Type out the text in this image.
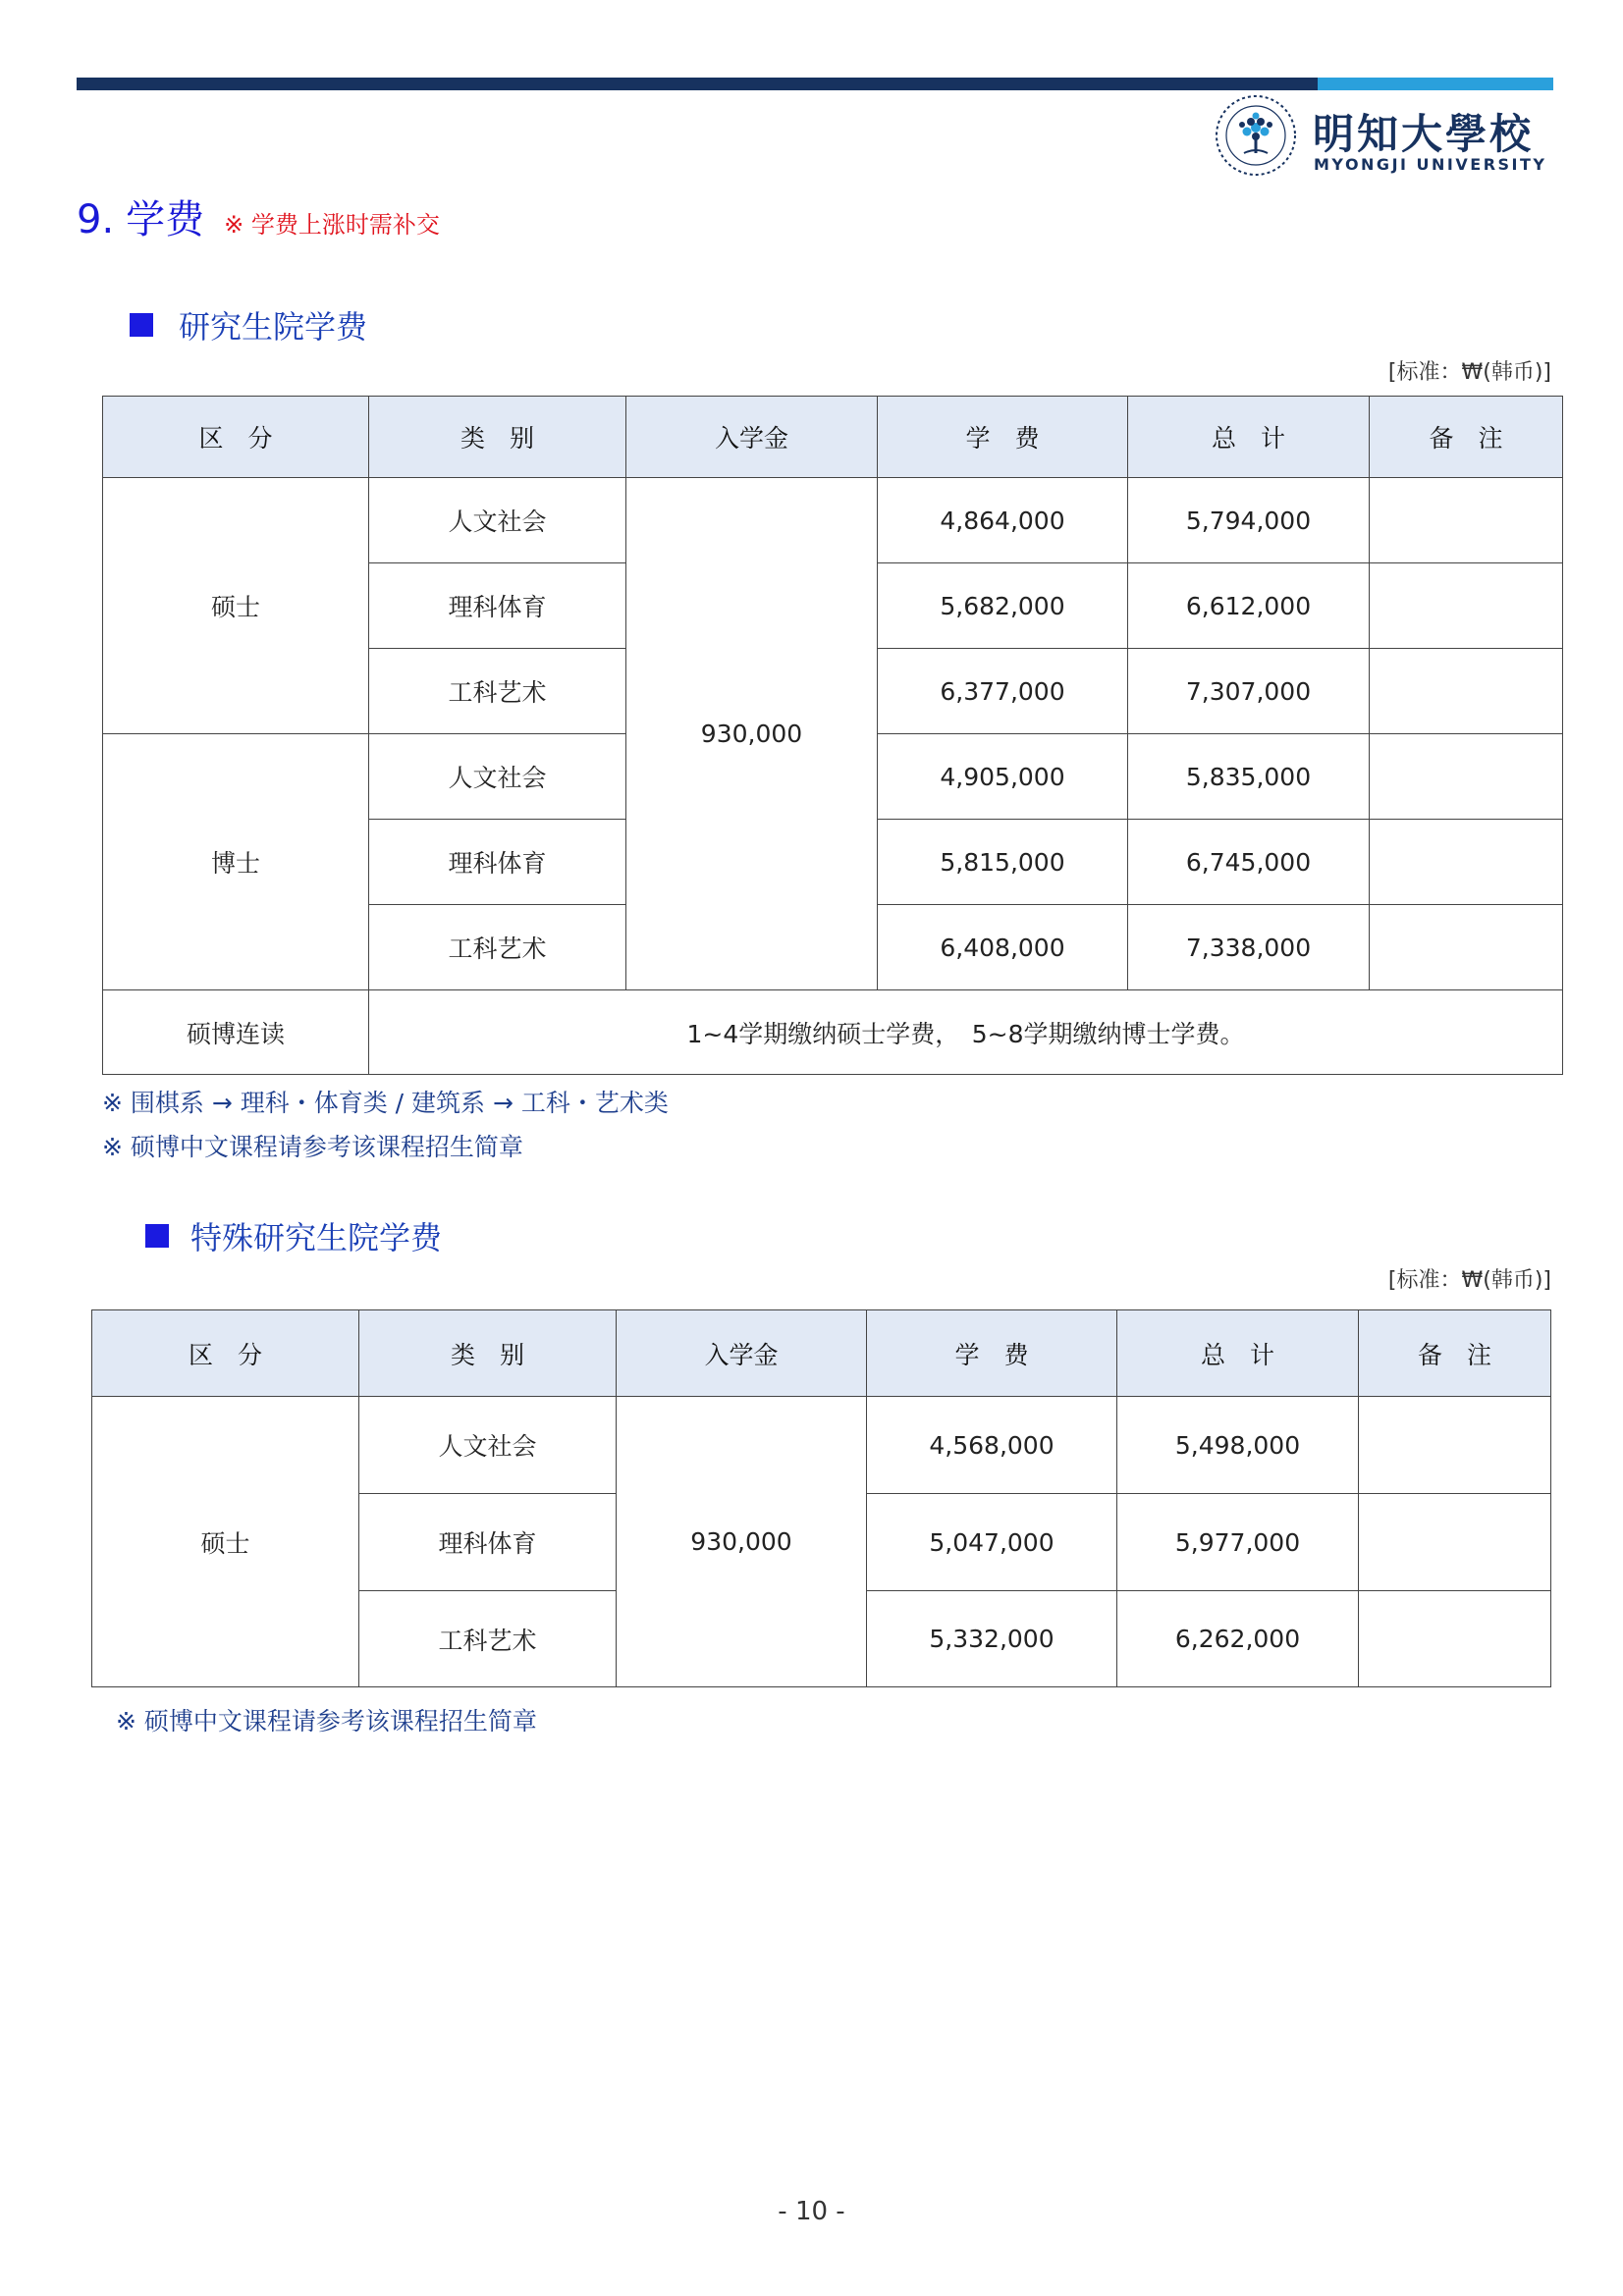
明知大學校
MYONGJI UNIVERSITY
9. 学费 ※ 学费上涨时需补交
研究生院学费
[标准：₩(韩币)]
区　分	类　别	入学金	学　费	总　计	备　注
硕士	人文社会	930,000	4,864,000	5,794,000	
	理科体育		5,682,000	6,612,000	
	工科艺术		6,377,000	7,307,000	
博士	人文社会		4,905,000	5,835,000	
	理科体育		5,815,000	6,745,000	
	工科艺术		6,408,000	7,338,000	
硕博连读	1~4学期缴纳硕士学费，　5~8学期缴纳博士学费。				
※ 围棋系 → 理科・体育类 / 建筑系 → 工科・艺术类
※ 硕博中文课程请参考该课程招生简章
特殊研究生院学费
[标准：₩(韩币)]
区　分	类　别	入学金	学　费	总　计	备　注
硕士	人文社会	930,000	4,568,000	5,498,000	
	理科体育		5,047,000	5,977,000	
	工科艺术		5,332,000	6,262,000	
※ 硕博中文课程请参考该课程招生简章
- 10 -
